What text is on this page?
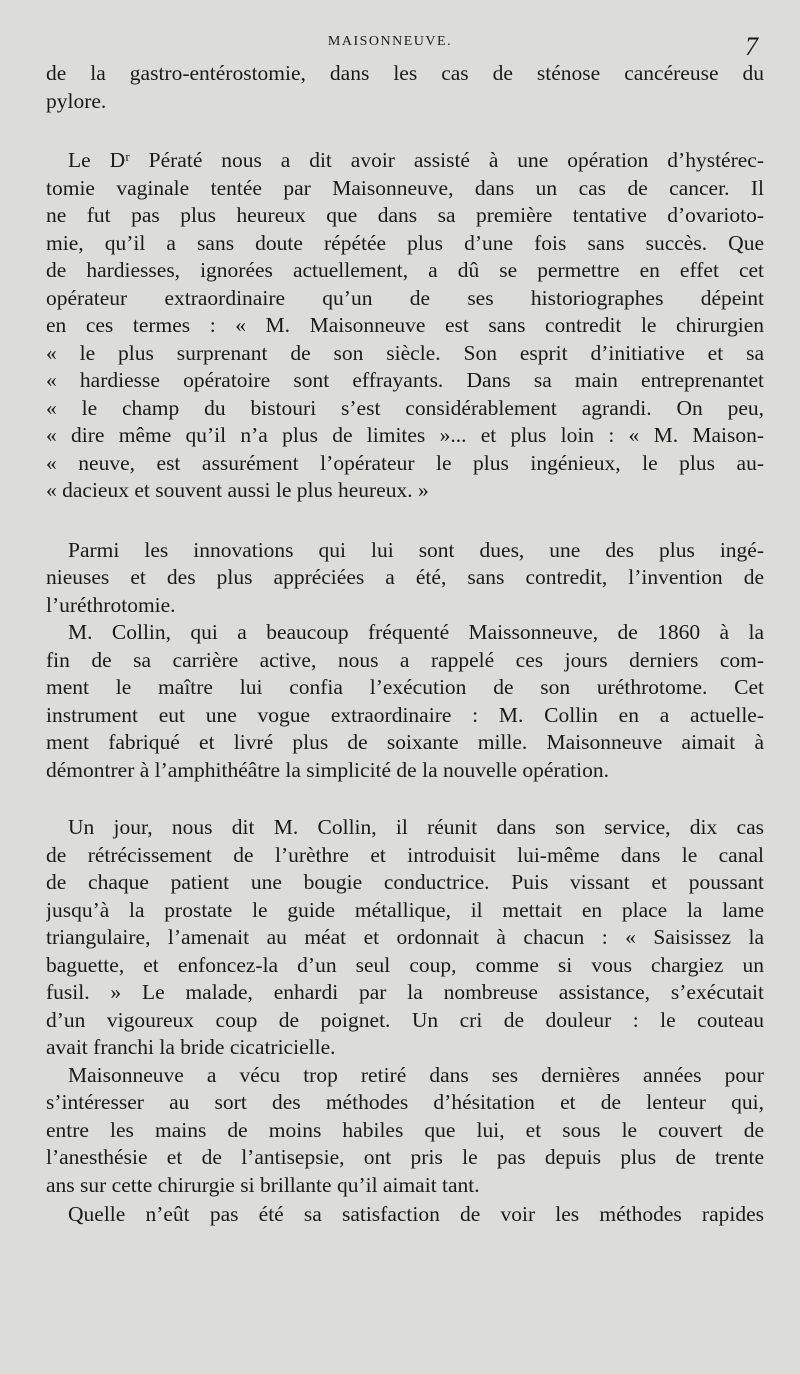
MAISONNEUVE.	7
de la gastro-entérostomie, dans les cas de sténose cancéreuse du
pylore.
Le Dʳ Pératé nous a dit avoir assisté à une opération d’hystérec-
tomie vaginale tentée par Maisonneuve, dans un cas de cancer. Il
ne fut pas plus heureux que dans sa première tentative d’ovarioto-
mie, qu’il a sans doute répétée plus d’une fois sans succès. Que
de hardiesses, ignorées actuellement, a dû se permettre en effet cet
opérateur extraordinaire qu’un de ses historiographes dépeint
en ces termes : « M. Maisonneuve est sans contredit le chirurgien
« le plus surprenant de son siècle. Son esprit d’initiative et sa
« hardiesse opératoire sont effrayants. Dans sa main entreprenantet
« le champ du bistouri s’est considérablement agrandi. On peu,
« dire même qu’il n’a plus de limites »... et plus loin : « M. Maison-
« neuve, est assurément l’opérateur le plus ingénieux, le plus au-
« dacieux et souvent aussi le plus heureux. »
Parmi les innovations qui lui sont dues, une des plus ingé-
nieuses et des plus appréciées a été, sans contredit, l’invention de
l’uréthrotomie.
M. Collin, qui a beaucoup fréquenté Maissonneuve, de 1860 à la
fin de sa carrière active, nous a rappelé ces jours derniers com-
ment le maître lui confia l’exécution de son uréthrotome. Cet
instrument eut une vogue extraordinaire : M. Collin en a actuelle-
ment fabriqué et livré plus de soixante mille. Maisonneuve aimait à
démontrer à l’amphithéâtre la simplicité de la nouvelle opération.
Un jour, nous dit M. Collin, il réunit dans son service, dix cas
de rétrécissement de l’urèthre et introduisit lui-même dans le canal
de chaque patient une bougie conductrice. Puis vissant et poussant
jusqu’à la prostate le guide métallique, il mettait en place la lame
triangulaire, l’amenait au méat et ordonnait à chacun : « Saisissez la
baguette, et enfoncez-la d’un seul coup, comme si vous chargiez un
fusil. » Le malade, enhardi par la nombreuse assistance, s’exécutait
d’un vigoureux coup de poignet. Un cri de douleur : le couteau
avait franchi la bride cicatricielle.
Maisonneuve a vécu trop retiré dans ses dernières années pour
s’intéresser au sort des méthodes d’hésitation et de lenteur qui,
entre les mains de moins habiles que lui, et sous le couvert de
l’anesthésie et de l’antisepsie, ont pris le pas depuis plus de trente
ans sur cette chirurgie si brillante qu’il aimait tant.
Quelle n’eût pas été sa satisfaction de voir les méthodes rapides
